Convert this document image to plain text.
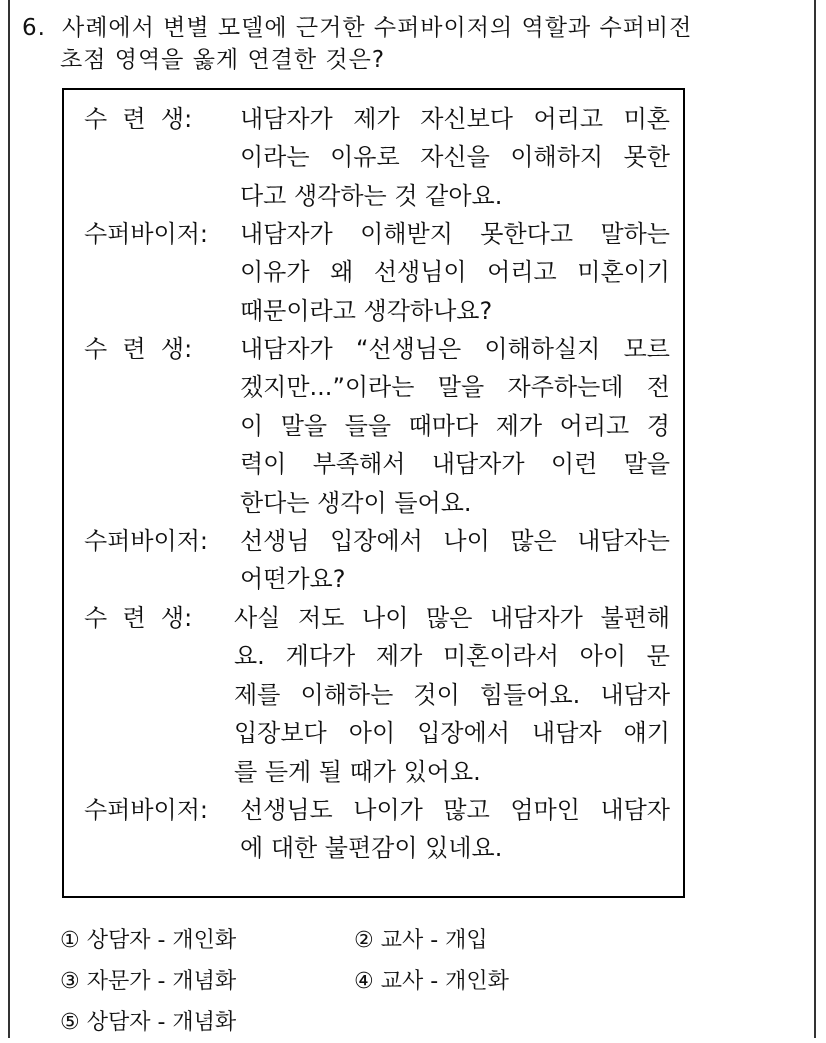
6. 사례에서 변별 모델에 근거한 수퍼바이저의 역할과 수퍼비전
초점 영역을 옳게 연결한 것은?
수  련  생:	내담자가 제가 자신보다 어리고 미혼
이라는 이유로 자신을 이해하지 못한
다고 생각하는 것 같아요.
수퍼바이저:	내담자가 이해받지 못한다고 말하는
이유가 왜 선생님이 어리고 미혼이기
때문이라고 생각하나요?
수  련  생:	내담자가 “선생님은 이해하실지 모르
겠지만...”이라는 말을 자주하는데 전
이 말을 들을 때마다 제가 어리고 경
력이 부족해서 내담자가 이런 말을
한다는 생각이 들어요.
수퍼바이저:	선생님 입장에서 나이 많은 내담자는
어떤가요?
수  련  생:	사실 저도 나이 많은 내담자가 불편해
요. 게다가 제가 미혼이라서 아이 문
제를 이해하는 것이 힘들어요. 내담자
입장보다 아이 입장에서 내담자 얘기
를 듣게 될 때가 있어요.
수퍼바이저:	선생님도 나이가 많고 엄마인 내담자
에 대한 불편감이 있네요.
① 상담자 - 개인화	② 교사 - 개입
③ 자문가 - 개념화	④ 교사 - 개인화
⑤ 상담자 - 개념화
